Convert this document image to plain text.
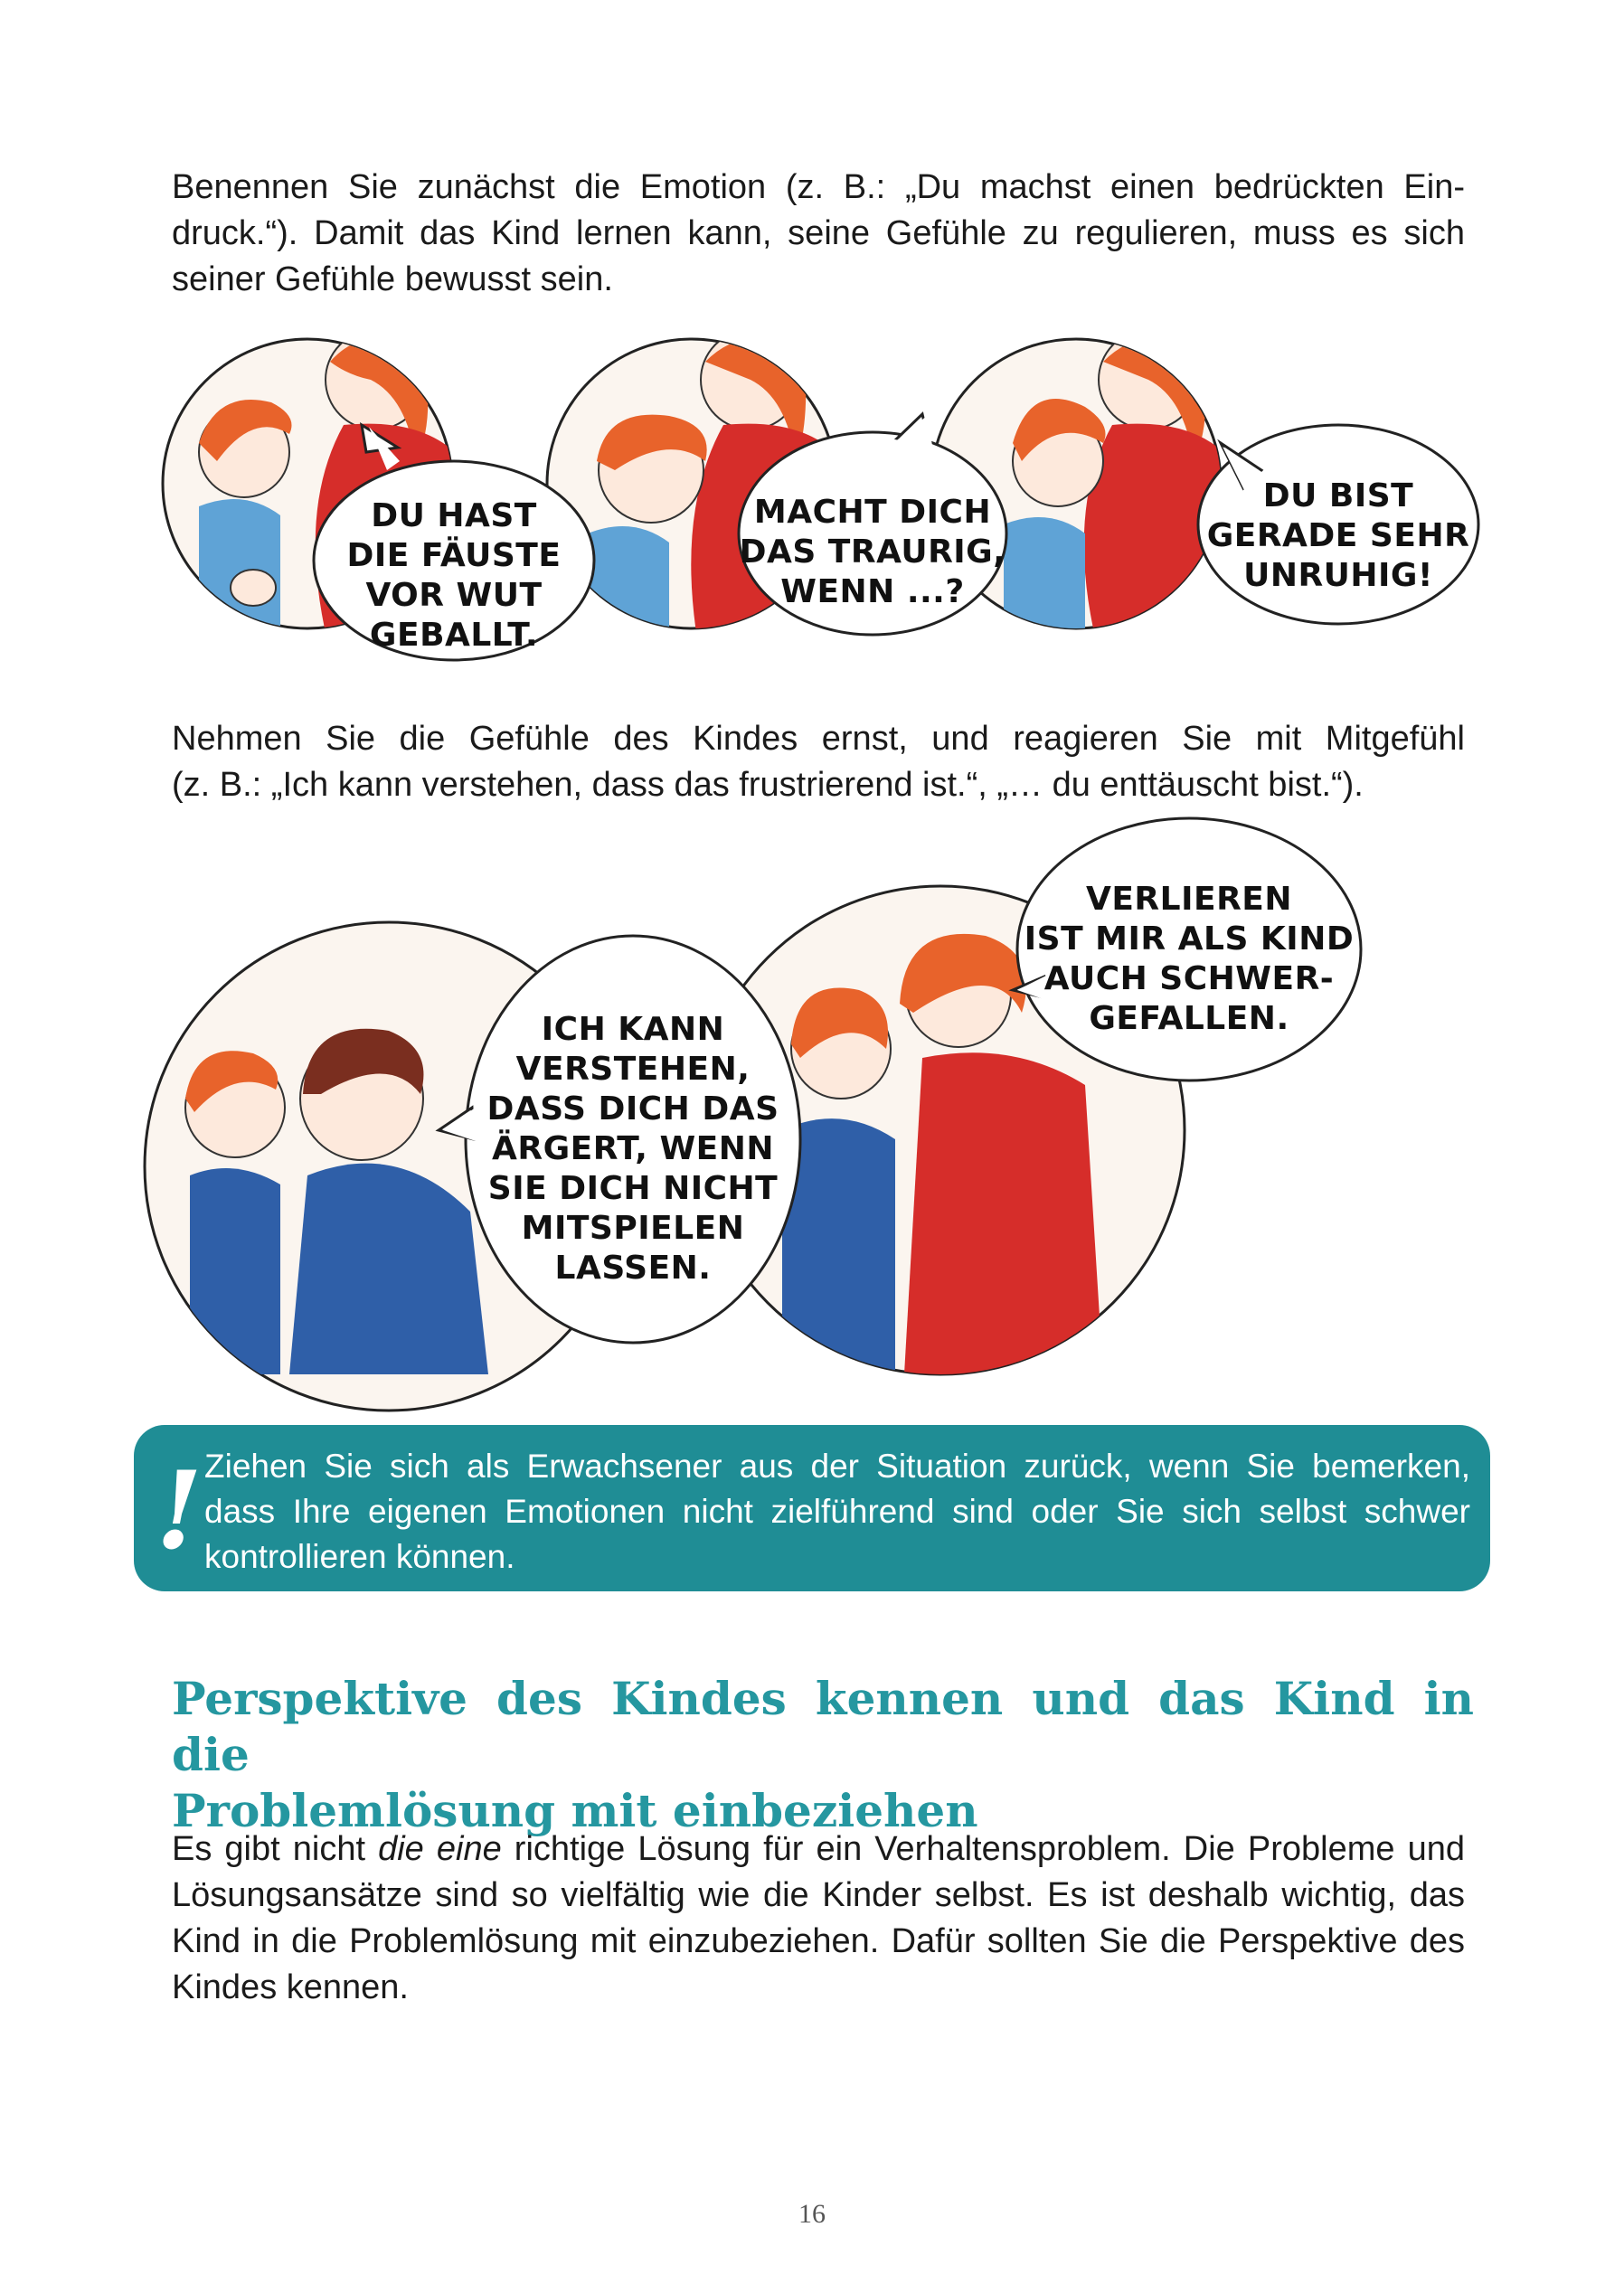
Benennen Sie zunächst die Emotion (z. B.: „Du machst einen bedrückten Ein-
druck.“). Damit das Kind lernen kann, seine Gefühle zu regulieren, muss es sich
seiner Gefühle bewusst sein.

DU HAST
DIE FÄUSTE
VOR WUT
GEBALLT.
MACHT DICH
DAS TRAURIG,
WENN ...?
DU BIST
GERADE SEHR
UNRUHIG!

Nehmen Sie die Gefühle des Kindes ernst, und reagieren Sie mit Mitgefühl
(z. B.: „Ich kann verstehen, dass das frustrierend ist.“, „… du enttäuscht bist.“).

ICH KANN
VERSTEHEN,
DASS DICH DAS
ÄRGERT, WENN
SIE DICH NICHT
MITSPIELEN
LASSEN.
VERLIEREN
IST MIR ALS KIND
AUCH SCHWER-
GEFALLEN.
! Ziehen Sie sich als Erwachsener aus der Situation zurück, wenn Sie bemerken,
dass Ihre eigenen Emotionen nicht zielführend sind oder Sie sich selbst schwer
kontrollieren können.

Perspektive des Kindes kennen und das Kind in die
Problemlösung mit einbeziehen

Es gibt nicht die eine richtige Lösung für ein Verhaltensproblem. Die Probleme und
Lösungsansätze sind so vielfältig wie die Kinder selbst. Es ist deshalb wichtig, das
Kind in die Problemlösung mit einzubeziehen. Dafür sollten Sie die Perspektive des
Kindes kennen.

16
